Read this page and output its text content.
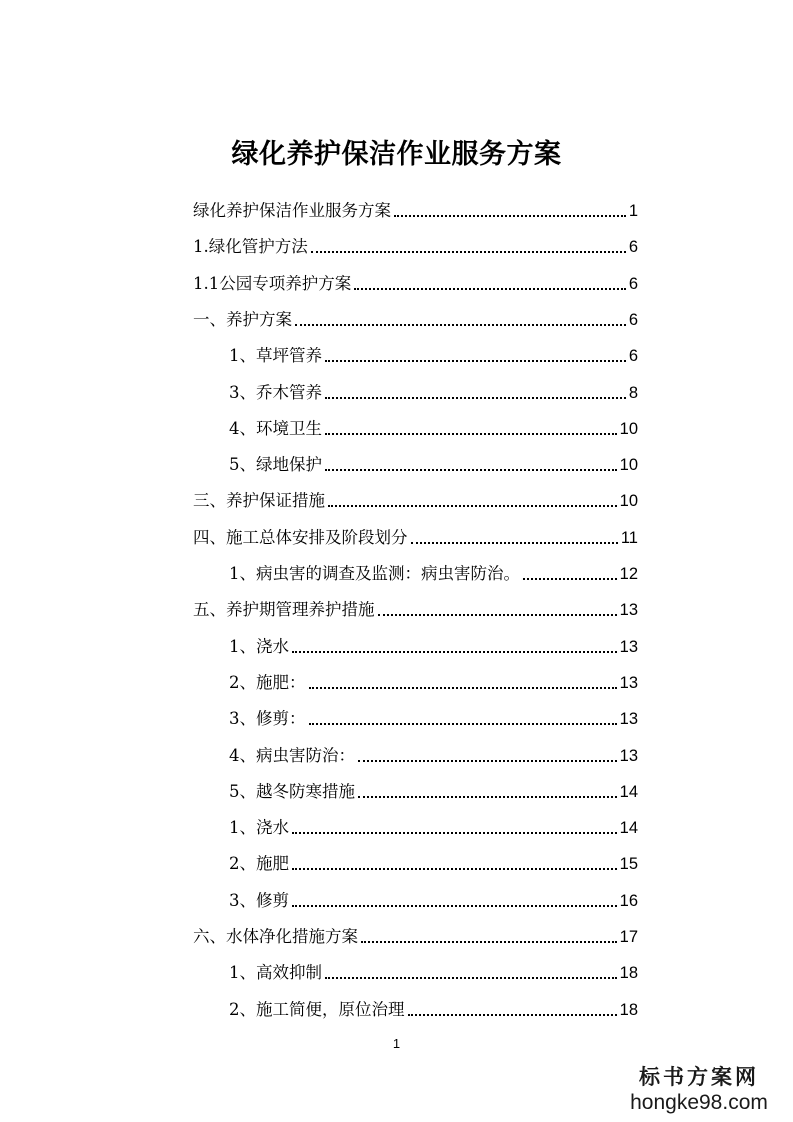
绿化养护保洁作业服务方案
绿化养护保洁作业服务方案	1
1.绿化管护方法	6
1.1公园专项养护方案	6
一、养护方案	6
1、草坪管养	6
3、乔木管养	8
4、环境卫生	10
5、绿地保护	10
三、养护保证措施	10
四、施工总体安排及阶段划分	11
1、病虫害的调查及监测：病虫害防治。	12
五、养护期管理养护措施	13
1、浇水	13
2、施肥：	13
3、修剪：	13
4、病虫害防治：	13
5、越冬防寒措施	14
1、浇水	14
2、施肥	15
3、修剪	16
六、水体净化措施方案	17
1、高效抑制	18
2、施工简便，原位治理	18
1
标书方案网
hongke98.com
